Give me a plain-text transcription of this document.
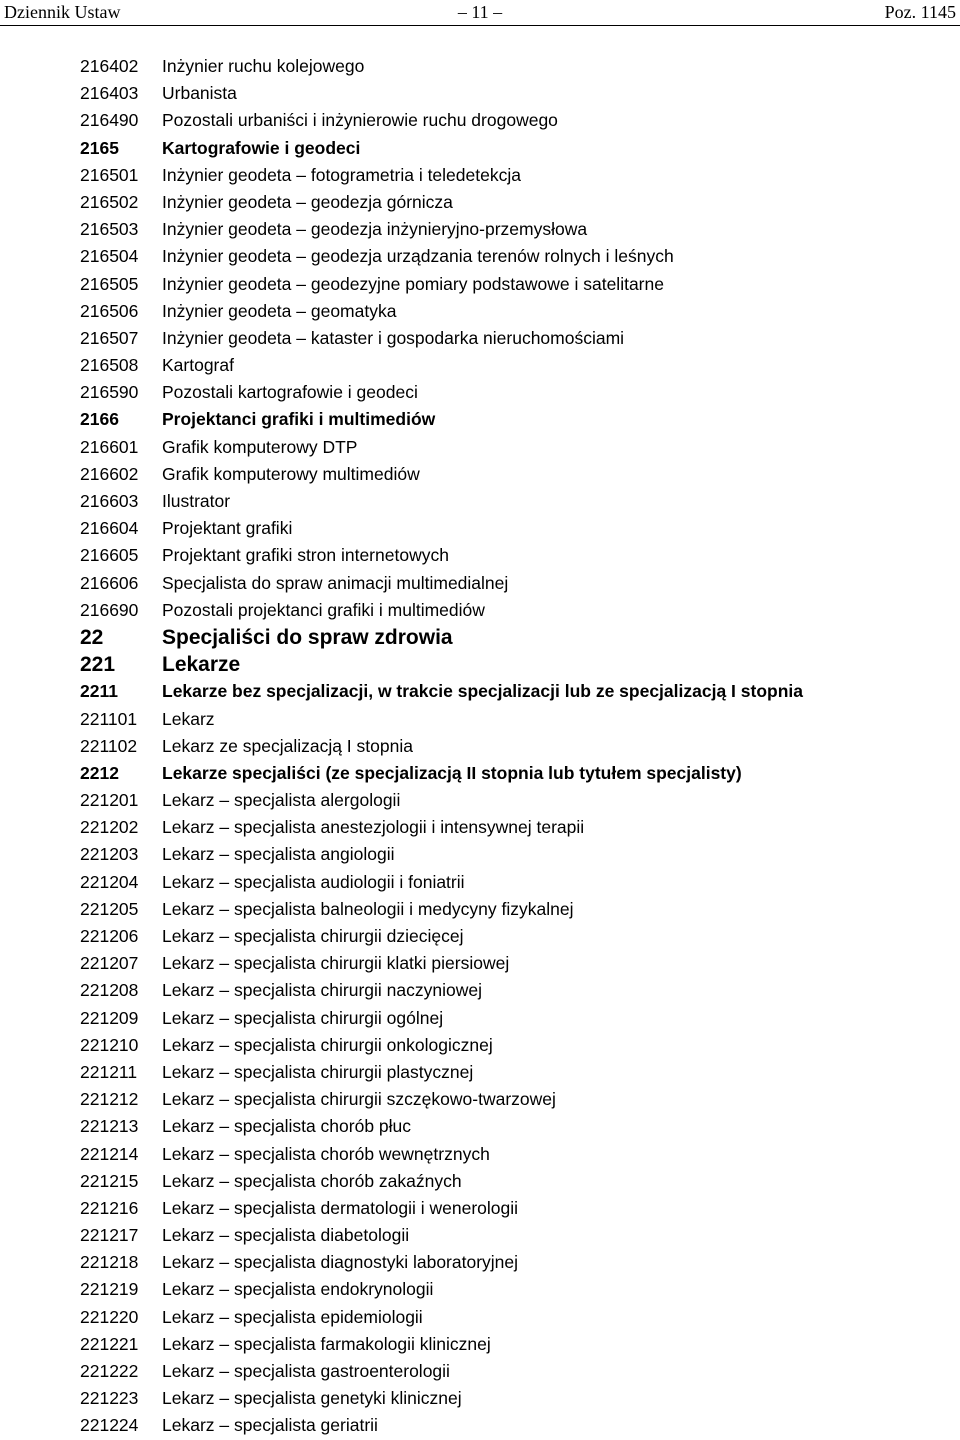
Dziennik Ustaw	– 11 –	Poz. 1145
216402 Inżynier ruchu kolejowego
216403 Urbanista
216490 Pozostali urbaniści i inżynierowie ruchu drogowego
2165 Kartografowie i geodeci
216501 Inżynier geodeta – fotogrametria i teledetekcja
216502 Inżynier geodeta – geodezja górnicza
216503 Inżynier geodeta – geodezja inżynieryjno-przemysłowa
216504 Inżynier geodeta – geodezja urządzania terenów rolnych i leśnych
216505 Inżynier geodeta – geodezyjne pomiary podstawowe i satelitarne
216506 Inżynier geodeta – geomatyka
216507 Inżynier geodeta – kataster i gospodarka nieruchomościami
216508 Kartograf
216590 Pozostali kartografowie i geodeci
2166 Projektanci grafiki i multimediów
216601 Grafik komputerowy DTP
216602 Grafik komputerowy multimediów
216603 Ilustrator
216604 Projektant grafiki
216605 Projektant grafiki stron internetowych
216606 Specjalista do spraw animacji multimedialnej
216690 Pozostali projektanci grafiki i multimediów
22	Specjaliści do spraw zdrowia
221 Lekarze
2211	Lekarze bez specjalizacji, w trakcie specjalizacji lub ze specjalizacją I stopnia
221101 Lekarz
221102 Lekarz ze specjalizacją I stopnia
2212 Lekarze specjaliści (ze specjalizacją II stopnia lub tytułem specjalisty)
221201 Lekarz – specjalista alergologii
221202 Lekarz – specjalista anestezjologii i intensywnej terapii
221203 Lekarz – specjalista angiologii
221204 Lekarz – specjalista audiologii i foniatrii
221205 Lekarz – specjalista balneologii i medycyny fizykalnej
221206 Lekarz – specjalista chirurgii dziecięcej
221207 Lekarz – specjalista chirurgii klatki piersiowej
221208 Lekarz – specjalista chirurgii naczyniowej
221209 Lekarz – specjalista chirurgii ogólnej
221210 Lekarz – specjalista chirurgii onkologicznej
221211 Lekarz – specjalista chirurgii plastycznej
221212 Lekarz – specjalista chirurgii szczękowo-twarzowej
221213 Lekarz – specjalista chorób płuc
221214 Lekarz – specjalista chorób wewnętrznych
221215 Lekarz – specjalista chorób zakaźnych
221216 Lekarz – specjalista dermatologii i wenerologii
221217 Lekarz – specjalista diabetologii
221218 Lekarz – specjalista diagnostyki laboratoryjnej
221219 Lekarz – specjalista endokrynologii
221220 Lekarz – specjalista epidemiologii
221221 Lekarz – specjalista farmakologii klinicznej
221222 Lekarz – specjalista gastroenterologii
221223 Lekarz – specjalista genetyki klinicznej
221224 Lekarz – specjalista geriatrii
